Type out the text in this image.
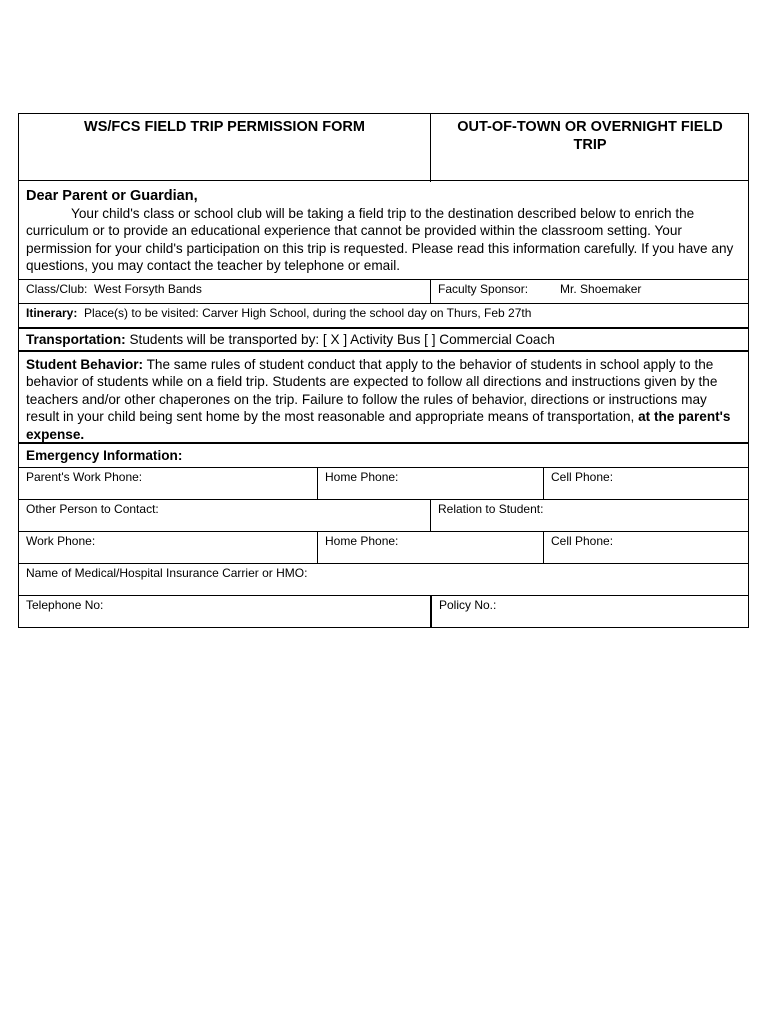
WS/FCS FIELD TRIP PERMISSION FORM	OUT-OF-TOWN OR OVERNIGHT FIELD TRIP
Dear Parent or Guardian,
Your child's class or school club will be taking a field trip to the destination described below to enrich the curriculum or to provide an educational experience that cannot be provided within the classroom setting. Your permission for your child's participation on this trip is requested. Please read this information carefully. If you have any questions, you may contact the teacher by telephone or email.
Class/Club: West Forsyth Bands	Faculty Sponsor:	Mr. Shoemaker
Itinerary: Place(s) to be visited: Carver High School, during the school day on Thurs, Feb 27th
Transportation: Students will be transported by: [ X ] Activity Bus [ ] Commercial Coach
Student Behavior: The same rules of student conduct that apply to the behavior of students in school apply to the behavior of students while on a field trip. Students are expected to follow all directions and instructions given by the teachers and/or other chaperones on the trip. Failure to follow the rules of behavior, directions or instructions may result in your child being sent home by the most reasonable and appropriate means of transportation, at the parent's expense.
Emergency Information:
Parent's Work Phone:	Home Phone:	Cell Phone:
Other Person to Contact:	Relation to Student:
Work Phone:	Home Phone:	Cell Phone:
Name of Medical/Hospital Insurance Carrier or HMO:
Telephone No:	Policy No.:
